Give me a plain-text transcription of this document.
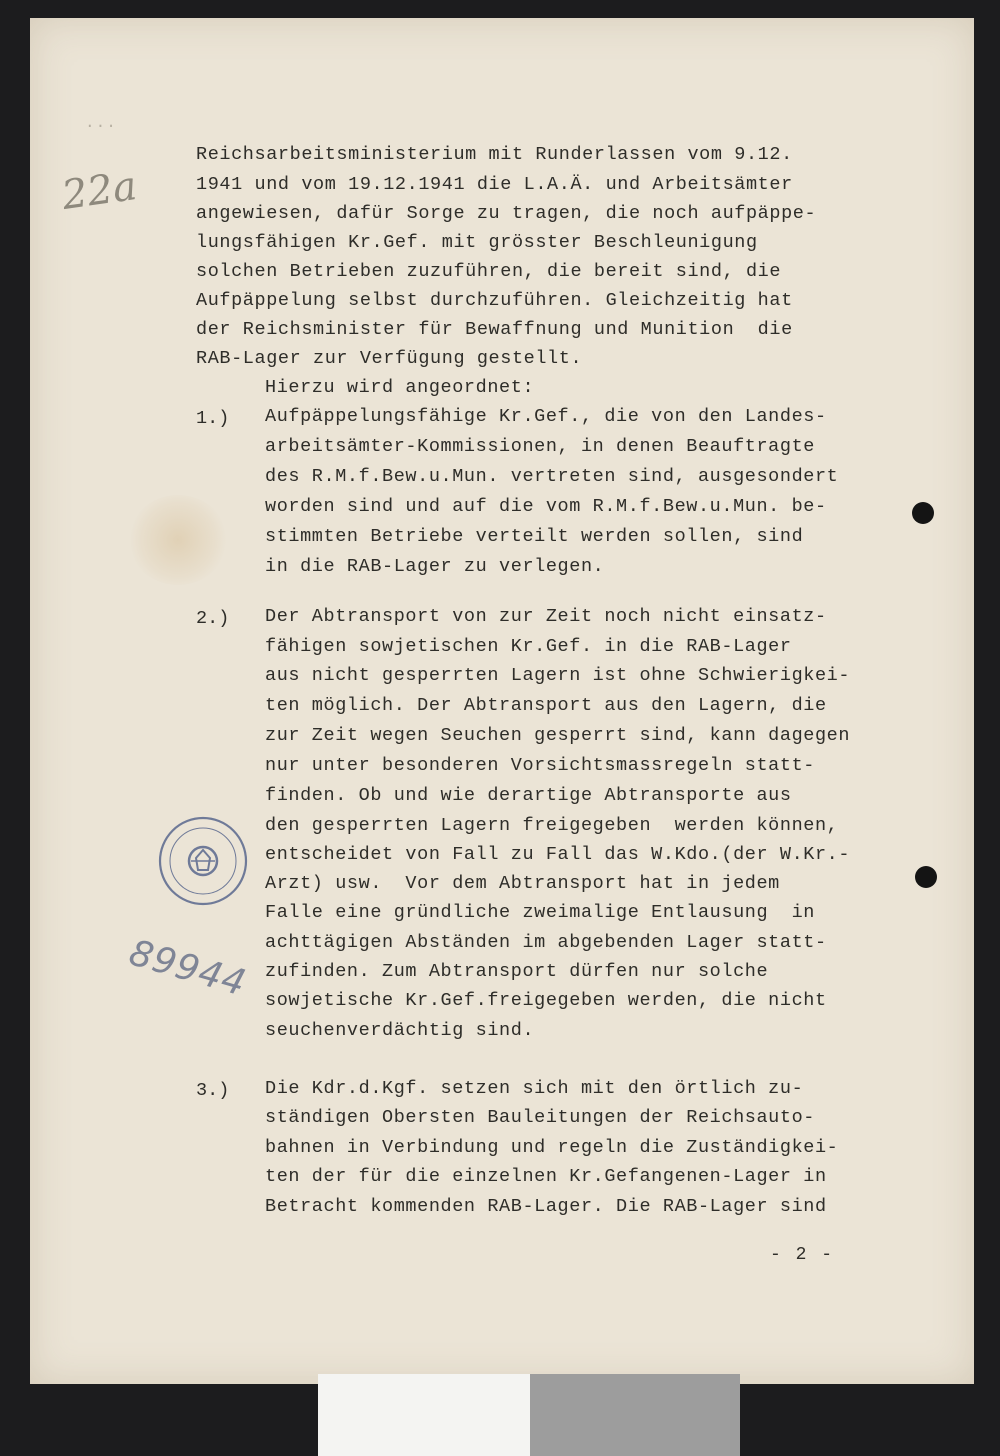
...
22a
89944
Reichsarbeitsministerium mit Runderlassen vom 9.12.
1941 und vom 19.12.1941 die L.A.Ä. und Arbeitsämter
angewiesen, dafür Sorge zu tragen, die noch aufpäppe-
lungsfähigen Kr.Gef. mit grösster Beschleunigung
solchen Betrieben zuzuführen, die bereit sind, die
Aufpäppelung selbst durchzuführen. Gleichzeitig hat
der Reichsminister für Bewaffnung und Munition  die
RAB-Lager zur Verfügung gestellt.
Hierzu wird angeordnet:
1.) Aufpäppelungsfähige Kr.Gef., die von den Landes-
arbeitsämter-Kommissionen, in denen Beauftragte
des R.M.f.Bew.u.Mun. vertreten sind, ausgesondert
worden sind und auf die vom R.M.f.Bew.u.Mun. be-
stimmten Betriebe verteilt werden sollen, sind
in die RAB-Lager zu verlegen.
2.) Der Abtransport von zur Zeit noch nicht einsatz-
fähigen sowjetischen Kr.Gef. in die RAB-Lager
aus nicht gesperrten Lagern ist ohne Schwierigkei-
ten möglich. Der Abtransport aus den Lagern, die
zur Zeit wegen Seuchen gesperrt sind, kann dagegen
nur unter besonderen Vorsichtsmassregeln statt-
finden. Ob und wie derartige Abtransporte aus
den gesperrten Lagern freigegeben  werden können,
entscheidet von Fall zu Fall das W.Kdo.(der W.Kr.-
Arzt) usw.  Vor dem Abtransport hat in jedem
Falle eine gründliche zweimalige Entlausung  in
achttägigen Abständen im abgebenden Lager statt-
zufinden. Zum Abtransport dürfen nur solche
sowjetische Kr.Gef.freigegeben werden, die nicht
seuchenverdächtig sind.
3.) Die Kdr.d.Kgf. setzen sich mit den örtlich zu-
ständigen Obersten Bauleitungen der Reichsauto-
bahnen in Verbindung und regeln die Zuständigkei-
ten der für die einzelnen Kr.Gefangenen-Lager in
Betracht kommenden RAB-Lager. Die RAB-Lager sind
- 2 -
